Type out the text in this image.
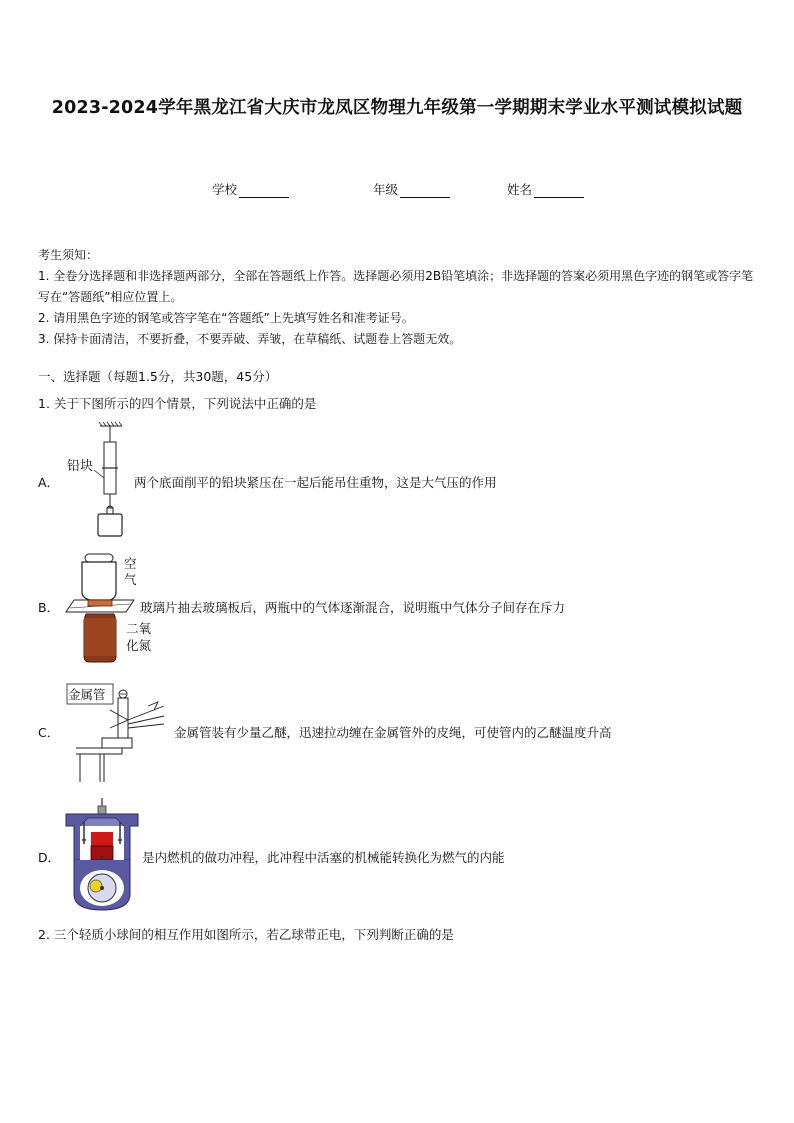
2023-2024学年黑龙江省大庆市龙凤区物理九年级第一学期期末学业水平测试模拟试题
学校	年级	姓名

考生须知：

1. 全卷分选择题和非选择题两部分，全部在答题纸上作答。选择题必须用2B铅笔填涂；非选择题的答案必须用黑色字迹的钢笔或答字笔写在“答题纸”相应位置上。

2. 请用黑色字迹的钢笔或答字笔在“答题纸”上先填写姓名和准考证号。

3. 保持卡面清洁，不要折叠，不要弄破、弄皱，在草稿纸、试题卷上答题无效。

一、选择题（每题1.5分，共30题，45分）
1. 关于下图所示的四个情景，下列说法中正确的是
A．
铅块
两个底面削平的铅块紧压在一起后能吊住重物，这是大气压的作用
B．
空气
二氧化氮
玻璃片抽去玻璃板后，两瓶中的气体逐渐混合，说明瓶中气体分子间存在斥力
C．
金属管
金属管装有少量乙醚，迅速拉动缠在金属管外的皮绳，可使管内的乙醚温度升高
D．	是内燃机的做功冲程，此冲程中活塞的机械能转换化为燃气的内能
2. 三个轻质小球间的相互作用如图所示，若乙球带正电，下列判断正确的是
